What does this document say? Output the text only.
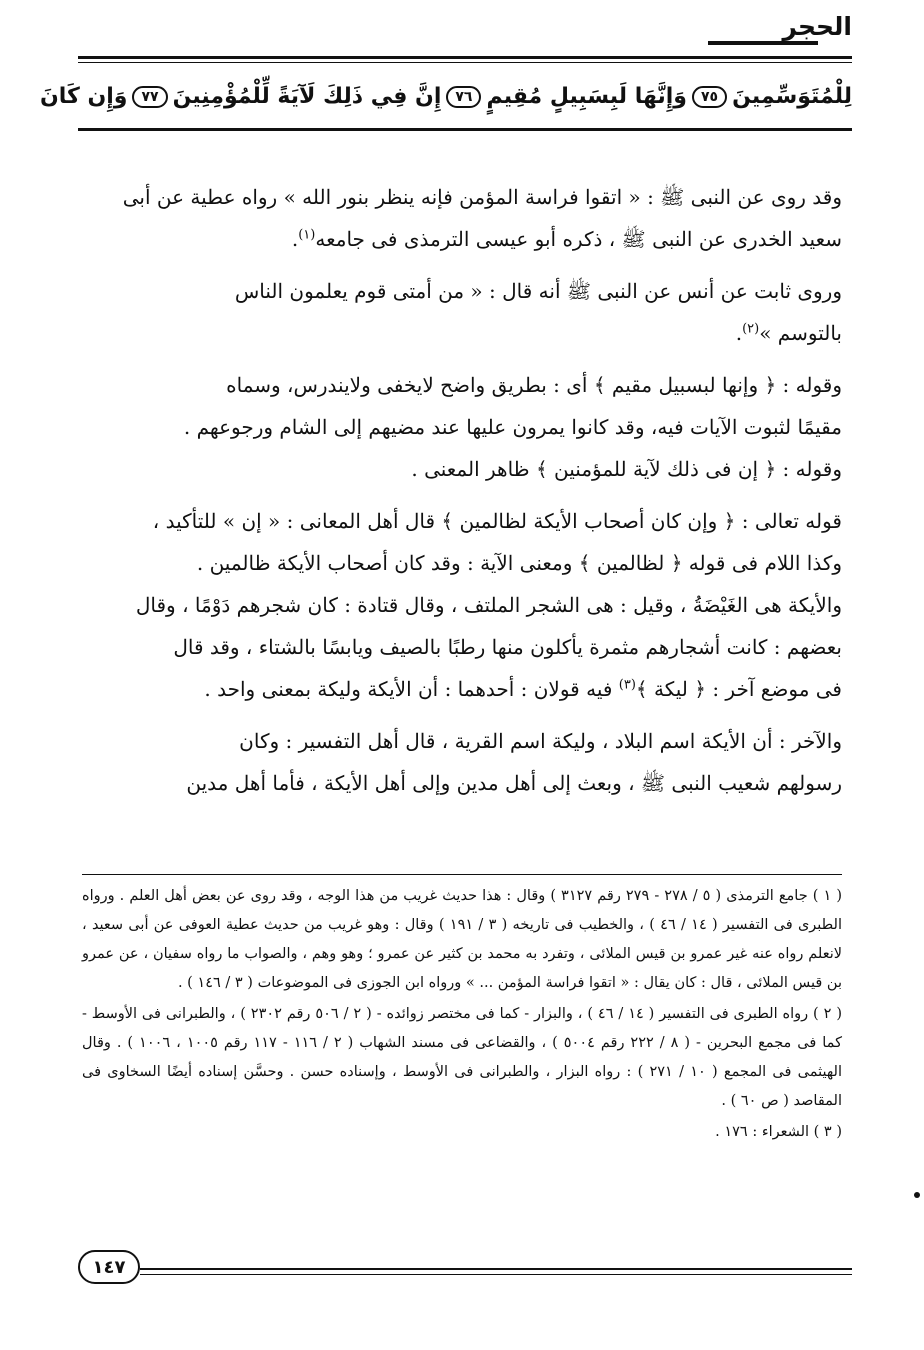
الحجر
لِلْمُتَوَسِّمِينَ٧٥
وَإِنَّهَا لَبِسَبِيلٍ مُقِيمٍ٧٦
إِنَّ فِي ذَلِكَ لَآيَةً لِّلْمُؤْمِنِينَ٧٧
وَإِن كَانَ

وقد روى عن النبى ﷺ : « اتقوا فراسة المؤمن فإنه ينظر بنور الله » رواه عطية عن أبى
سعيد الخدرى عن النبى ﷺ ، ذكره أبو عيسى الترمذى فى جامعه$^{(١)}$.

وروى ثابت عن أنس عن النبى ﷺ أنه قال : « من أمتى قوم يعلمون الناس
بالتوسم »$^{(٢)}$.

وقوله : ﴿ وإنها لبسبيل مقيم ﴾ أى : بطريق واضح لايخفى ولايندرس، وسماه
مقيمًا لثبوت الآيات فيه، وقد كانوا يمرون عليها عند مضيهم إلى الشام ورجوعهم .

وقوله : ﴿ إن فى ذلك لآية للمؤمنين ﴾ ظاهر المعنى .

قوله تعالى : ﴿ وإن كان أصحاب الأيكة لظالمين ﴾ قال أهل المعانى : « إن » للتأكيد ،
وكذا اللام فى قوله ﴿ لظالمين ﴾ ومعنى الآية : وقد كان أصحاب الأيكة ظالمين .
والأيكة هى الغَيْضَةُ ، وقيل : هى الشجر الملتف ، وقال قتادة : كان شجرهم دَوْمًا ، وقال
بعضهم : كانت أشجارهم مثمرة يأكلون منها رطبًا بالصيف ويابسًا بالشتاء ، وقد قال
فى موضع آخر : ﴿ ليكة ﴾$^{(٣)}$ فيه قولان : أحدهما : أن الأيكة وليكة بمعنى واحد .

والآخر : أن الأيكة اسم البلاد ، وليكة اسم القرية ، قال أهل التفسير : وكان
رسولهم شعيب النبى ﷺ ، وبعث إلى أهل مدين وإلى أهل الأيكة ، فأما أهل مدين

( ١ ) جامع الترمذى ( ٥ / ٢٧٨ - ٢٧٩ رقم ٣١٢٧ ) وقال : هذا حديث غريب من هذا الوجه ، وقد روى عن بعض أهل العلم . ورواه الطبرى فى التفسير ( ١٤ / ٤٦ ) ، والخطيب فى تاريخه ( ٣ / ١٩١ ) وقال : وهو غريب من حديث عطية العوفى عن أبى سعيد ، لانعلم رواه عنه غير عمرو بن قيس الملائى ، وتفرد به محمد بن كثير عن عمرو ؛ وهو وهم ، والصواب ما رواه سفيان ، عن عمرو بن قيس الملائى ، قال : كان يقال : « اتقوا فراسة المؤمن ... » ورواه ابن الجوزى فى الموضوعات ( ٣ / ١٤٦ ) .

( ٢ ) رواه الطبرى فى التفسير ( ١٤ / ٤٦ ) ، والبزار - كما فى مختصر زوائده - ( ٢ / ٥٠٦ رقم ٢٣٠٢ ) ، والطبرانى فى الأوسط - كما فى مجمع البحرين - ( ٨ / ٢٢٢ رقم ٥٠٠٤ ) ، والقضاعى فى مسند الشهاب ( ٢ / ١١٦ - ١١٧ رقم ١٠٠٥ ، ١٠٠٦ ) . وقال الهيثمى فى المجمع ( ١٠ / ٢٧١ ) : رواه البزار ، والطبرانى فى الأوسط ، وإسناده حسن . وحسَّن إسناده أيضًا السخاوى فى المقاصد ( ص ٦٠ ) .

( ٣ ) الشعراء : ١٧٦ .

١٤٧
